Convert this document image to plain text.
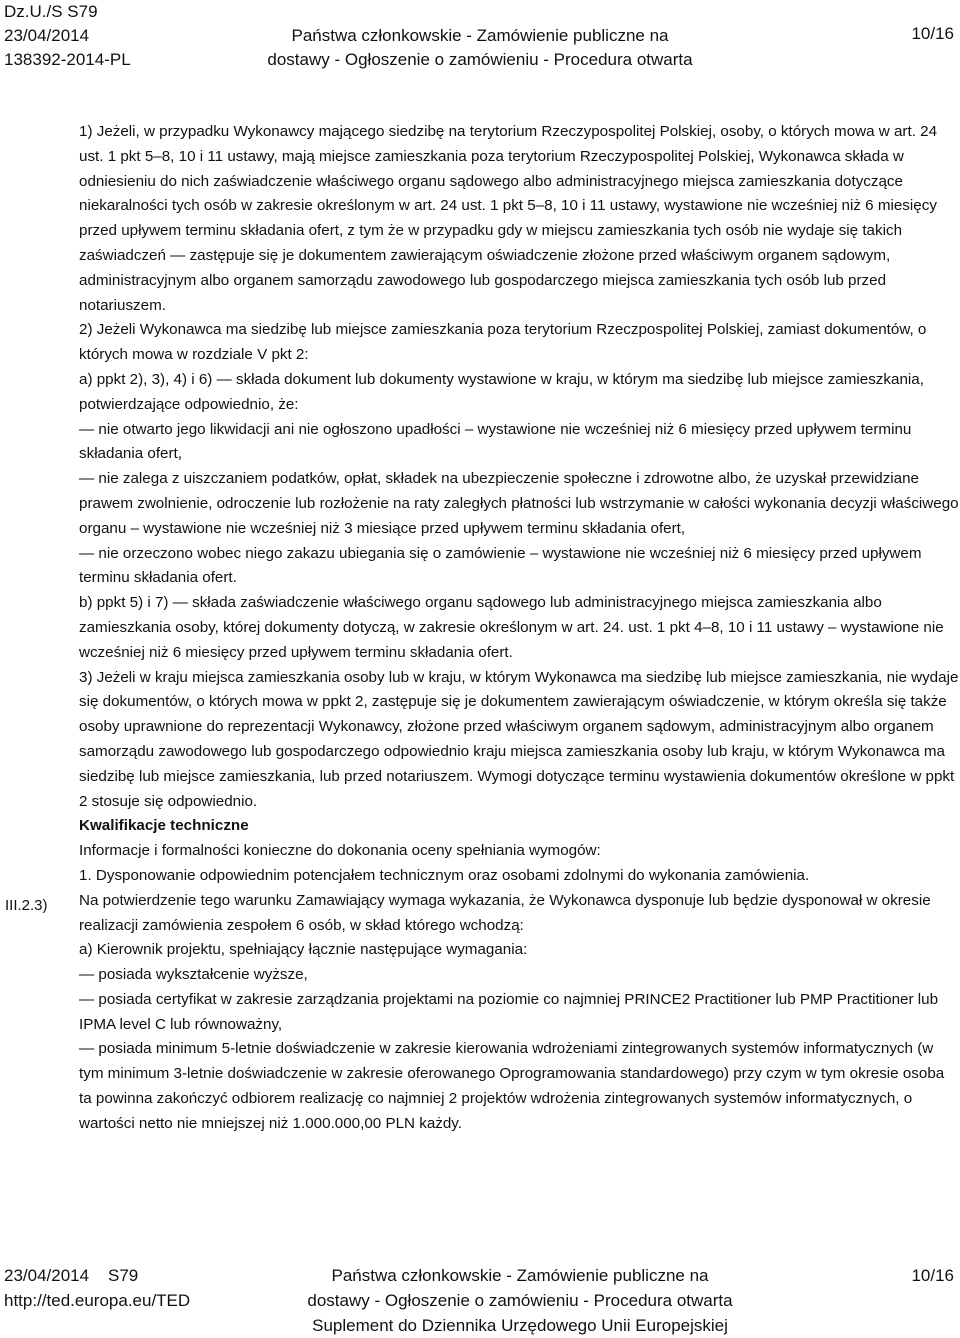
Dz.U./S S79
23/04/2014
138392-2014-PL
Państwa członkowskie - Zamówienie publiczne na
dostawy - Ogłoszenie o zamówieniu - Procedura otwarta
10/16
III.2.3)

1) Jeżeli, w przypadku Wykonawcy mającego siedzibę na terytorium Rzeczypospolitej Polskiej, osoby, o których mowa w art. 24 ust. 1 pkt 5–8, 10 i 11 ustawy, mają miejsce zamieszkania poza terytorium Rzeczypospolitej Polskiej, Wykonawca składa w odniesieniu do nich zaświadczenie właściwego organu sądowego albo administracyjnego miejsca zamieszkania dotyczące niekaralności tych osób w zakresie określonym w art. 24 ust. 1 pkt 5–8, 10 i 11 ustawy, wystawione nie wcześniej niż 6 miesięcy przed upływem terminu składania ofert, z tym że w przypadku gdy w miejscu zamieszkania tych osób nie wydaje się takich zaświadczeń — zastępuje się je dokumentem zawierającym oświadczenie złożone przed właściwym organem sądowym, administracyjnym albo organem samorządu zawodowego lub gospodarczego miejsca zamieszkania tych osób lub przed notariuszem.

2) Jeżeli Wykonawca ma siedzibę lub miejsce zamieszkania poza terytorium Rzeczpospolitej Polskiej, zamiast dokumentów, o których mowa w rozdziale V pkt 2:

a) ppkt 2), 3), 4) i 6) — składa dokument lub dokumenty wystawione w kraju, w którym ma siedzibę lub miejsce zamieszkania, potwierdzające odpowiednio, że:

— nie otwarto jego likwidacji ani nie ogłoszono upadłości – wystawione nie wcześniej niż 6 miesięcy przed upływem terminu składania ofert,

— nie zalega z uiszczaniem podatków, opłat, składek na ubezpieczenie społeczne i zdrowotne albo, że uzyskał przewidziane prawem zwolnienie, odroczenie lub rozłożenie na raty zaległych płatności lub wstrzymanie w całości wykonania decyzji właściwego organu – wystawione nie wcześniej niż 3 miesiące przed upływem terminu składania ofert,

— nie orzeczono wobec niego zakazu ubiegania się o zamówienie – wystawione nie wcześniej niż 6 miesięcy przed upływem terminu składania ofert.

b) ppkt 5) i 7) — składa zaświadczenie właściwego organu sądowego lub administracyjnego miejsca zamieszkania albo zamieszkania osoby, której dokumenty dotyczą, w zakresie określonym w art. 24. ust. 1 pkt 4–8, 10 i 11 ustawy – wystawione nie wcześniej niż 6 miesięcy przed upływem terminu składania ofert.

3) Jeżeli w kraju miejsca zamieszkania osoby lub w kraju, w którym Wykonawca ma siedzibę lub miejsce zamieszkania, nie wydaje się dokumentów, o których mowa w ppkt 2, zastępuje się je dokumentem zawierającym oświadczenie, w którym określa się także osoby uprawnione do reprezentacji Wykonawcy, złożone przed właściwym organem sądowym, administracyjnym albo organem samorządu zawodowego lub gospodarczego odpowiednio kraju miejsca zamieszkania osoby lub kraju, w którym Wykonawca ma siedzibę lub miejsce zamieszkania, lub przed notariuszem. Wymogi dotyczące terminu wystawienia dokumentów określone w ppkt 2 stosuje się odpowiednio.

Kwalifikacje techniczne

Informacje i formalności konieczne do dokonania oceny spełniania wymogów:

1. Dysponowanie odpowiednim potencjałem technicznym oraz osobami zdolnymi do wykonania zamówienia.

Na potwierdzenie tego warunku Zamawiający wymaga wykazania, że Wykonawca dysponuje lub będzie dysponował w okresie realizacji zamówienia zespołem 6 osób, w skład którego wchodzą:

a) Kierownik projektu, spełniający łącznie następujące wymagania:

— posiada wykształcenie wyższe,

— posiada certyfikat w zakresie zarządzania projektami na poziomie co najmniej PRINCE2 Practitioner lub PMP Practitioner lub IPMA level C lub równoważny,

— posiada minimum 5-letnie doświadczenie w zakresie kierowania wdrożeniami zintegrowanych systemów informatycznych (w tym minimum 3-letnie doświadczenie w zakresie oferowanego Oprogramowania standardowego) przy czym w tym okresie osoba ta powinna zakończyć odbiorem realizację co najmniej 2 projektów wdrożenia zintegrowanych systemów informatycznych, o wartości netto nie mniejszej niż 1.000.000,00 PLN każdy.

23/04/2014    S79
http://ted.europa.eu/TED
Państwa członkowskie - Zamówienie publiczne na
dostawy - Ogłoszenie o zamówieniu - Procedura otwarta
Suplement do Dziennika Urzędowego Unii Europejskiej
10/16
